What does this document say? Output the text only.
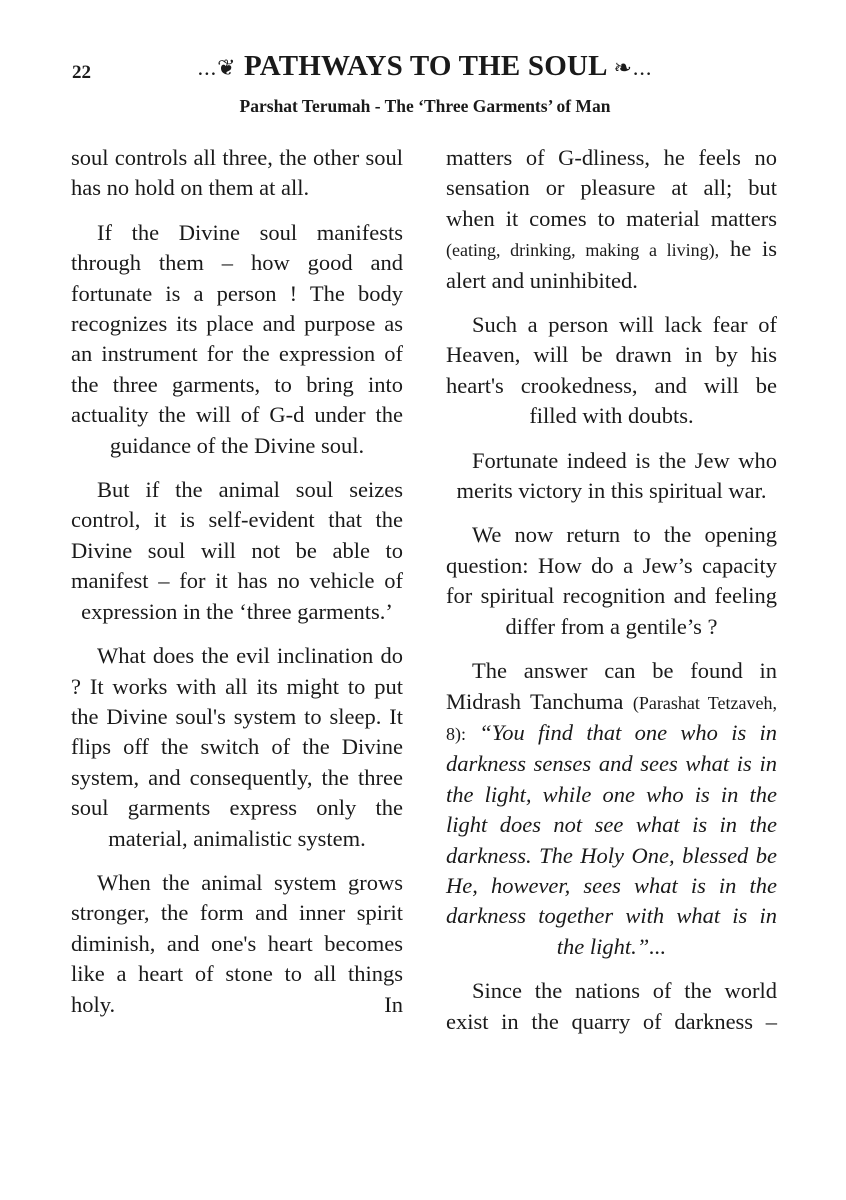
22	...❦ PATHWAYS TO THE SOUL ❧...
Parshat Terumah - The ‘Three Garments’ of Man

soul controls all three, the other soul has no hold on them at all.

If the Divine soul manifests through them – how good and fortunate is a person ! The body recognizes its place and purpose as an instrument for the expression of the three garments, to bring into actuality the will of G-d under the guidance of the Divine soul.

But if the animal soul seizes control, it is self-evident that the Divine soul will not be able to manifest – for it has no vehicle of expression in the ‘three garments.’

What does the evil inclination do ? It works with all its might to put the Divine soul's system to sleep. It flips off the switch of the Divine system, and consequently, the three soul garments express only the material, animalistic system.

When the animal system grows stronger, the form and inner spirit diminish, and one's heart becomes like a heart of stone to all things holy. In

matters of G-dliness, he feels no sensation or pleasure at all; but when it comes to material matters (eating, drinking, making a living), he is alert and uninhibited.

Such a person will lack fear of Heaven, will be drawn in by his heart's crookedness, and will be filled with doubts.

Fortunate indeed is the Jew who merits victory in this spiritual war.

We now return to the opening question: How do a Jew’s capacity for spiritual recognition and feeling differ from a gentile’s ?

The answer can be found in Midrash Tanchuma (Parashat Tetzaveh, 8): “You find that one who is in darkness senses and sees what is in the light, while one who is in the light does not see what is in the darkness. The Holy One, blessed be He, however, sees what is in the darkness together with what is in the light.”...

Since the nations of the world exist in the quarry of darkness –
